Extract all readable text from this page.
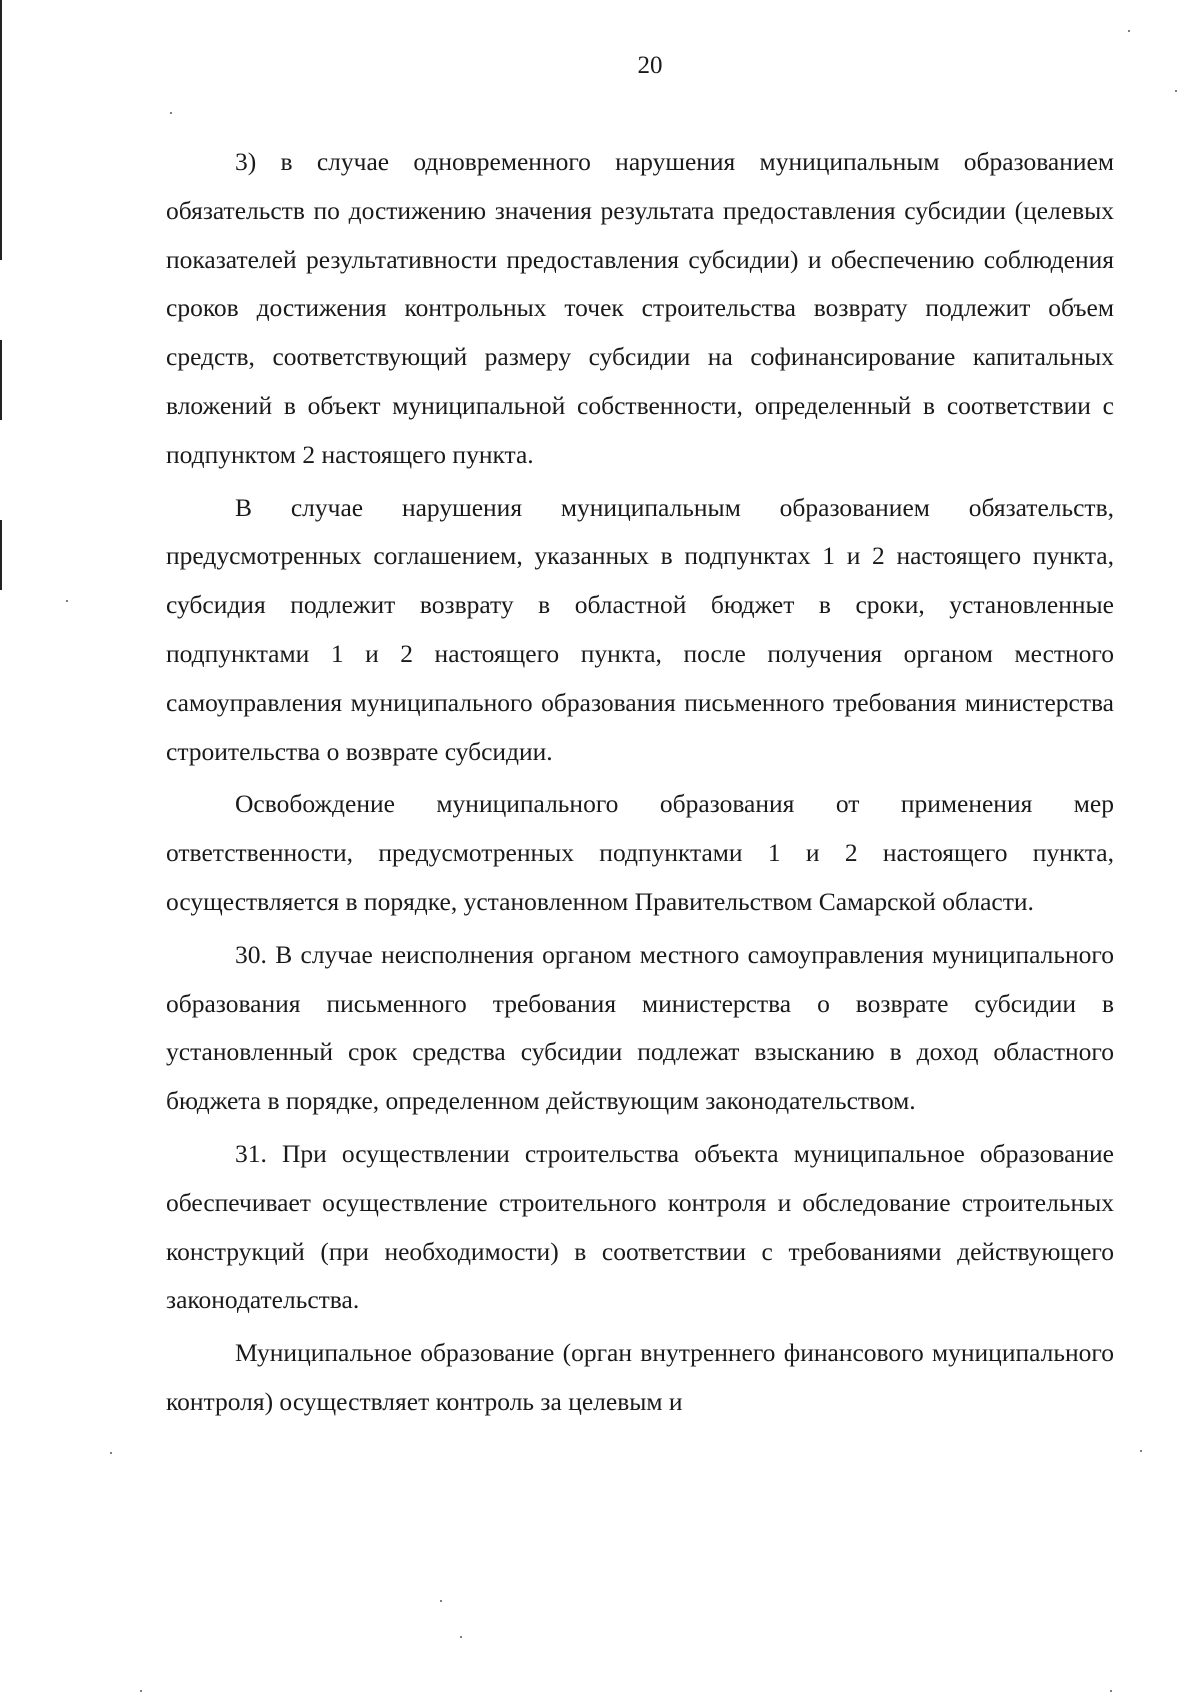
20

3) в случае одновременного нарушения муниципальным образованием обязательств по достижению значения результата предоставления субсидии (целевых показателей результативности предоставления субсидии) и обеспечению соблюдения сроков достижения контрольных точек строительства возврату подлежит объем средств, соответствующий размеру субсидии на софинансирование капитальных вложений в объект муниципальной собственности, определенный в соответствии с подпунктом 2 настоящего пункта.

В случае нарушения муниципальным образованием обязательств, предусмотренных соглашением, указанных в подпунктах 1 и 2 настоящего пункта, субсидия подлежит возврату в областной бюджет в сроки, установленные подпунктами 1 и 2 настоящего пункта, после получения органом местного самоуправления муниципального образования письменного требования министерства строительства о возврате субсидии.

Освобождение муниципального образования от применения мер ответственности, предусмотренных подпунктами 1 и 2 настоящего пункта, осуществляется в порядке, установленном Правительством Самарской области.

30. В случае неисполнения органом местного самоуправления муниципального образования письменного требования министерства о возврате субсидии в установленный срок средства субсидии подлежат взысканию в доход областного бюджета в порядке, определенном действующим законодательством.

31. При осуществлении строительства объекта муниципальное образование обеспечивает осуществление строительного контроля и обследование строительных конструкций (при необходимости) в соответствии с требованиями действующего законодательства.

Муниципальное образование (орган внутреннего финансового муниципального контроля) осуществляет контроль за целевым и
